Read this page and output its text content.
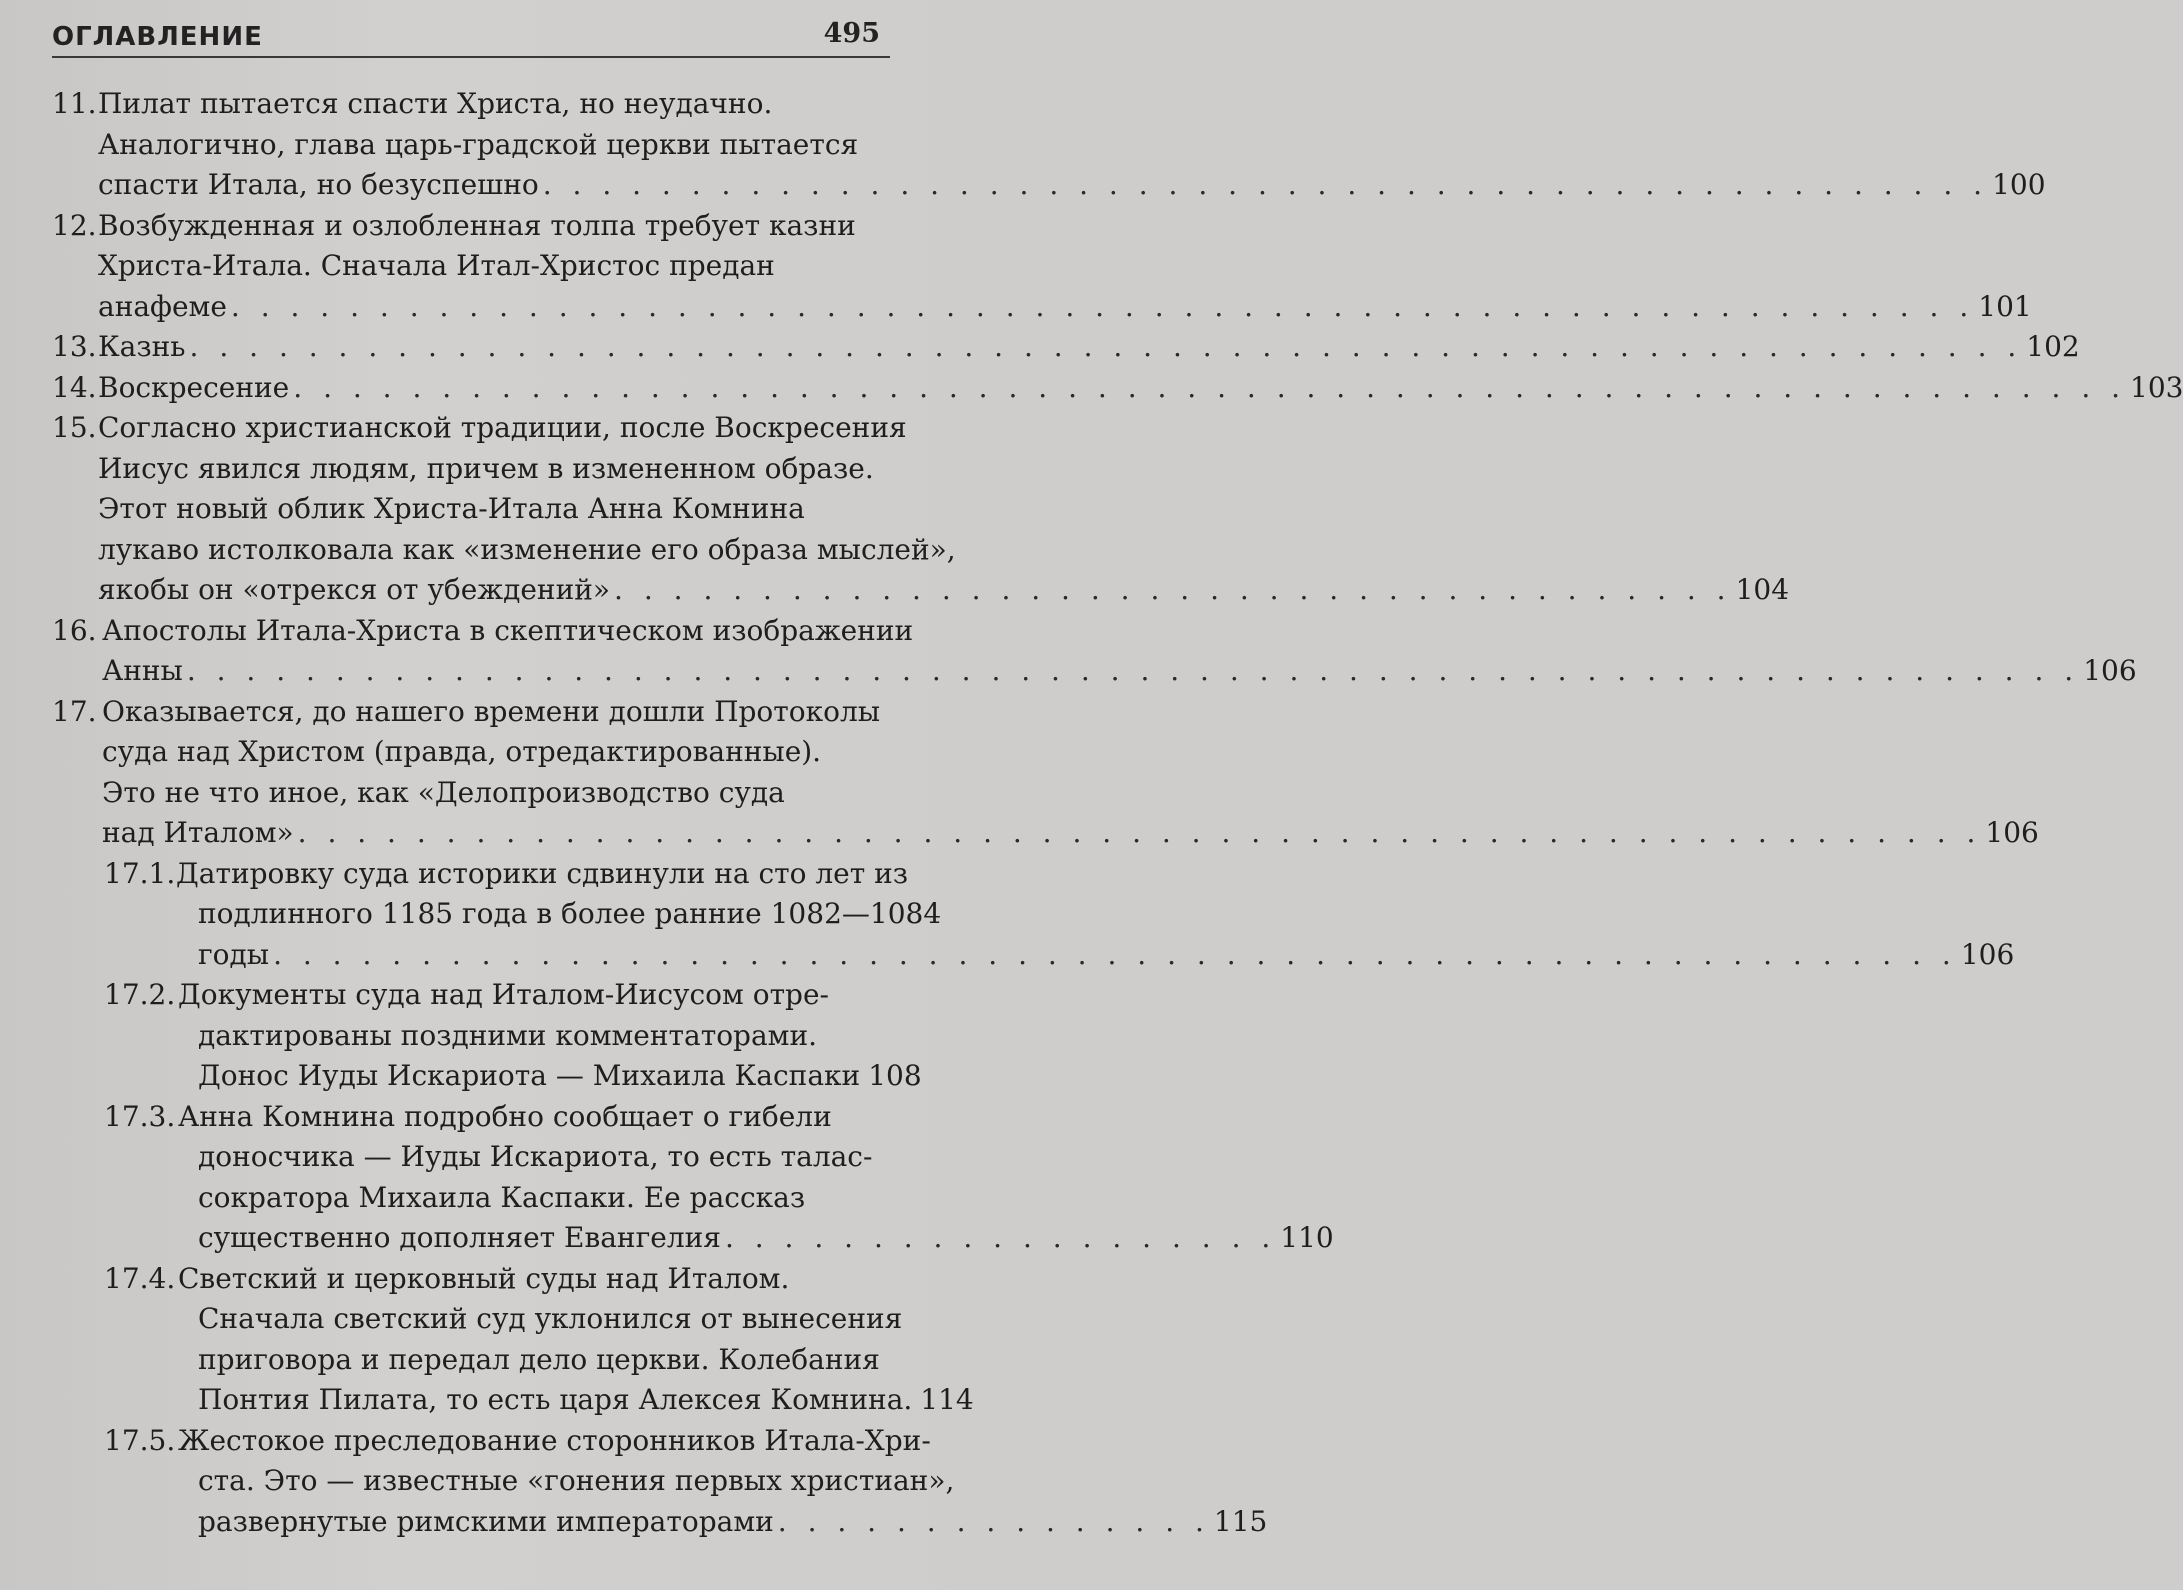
ОГЛАВЛЕНИЕ	495
11. Пилат пытается спасти Христа, но неудачно.
Аналогично, глава царь-градской церкви пытается
спасти Итала, но безуспешно . . . . . . . . . . . . . . . . . . . . . . . . . . . . . . . . . . . . . . . . . . . . . . . . . 100
12. Возбужденная и озлобленная толпа требует казни
Христа-Итала. Сначала Итал-Христос предан
анафеме . . . . . . . . . . . . . . . . . . . . . . . . . . . . . . . . . . . . . . . . . . . . . . . . . . . . . . . . . . . 101
13. Казнь . . . . . . . . . . . . . . . . . . . . . . . . . . . . . . . . . . . . . . . . . . . . . . . . . . . . . . . . . . . . . . 102
14. Воскресение . . . . . . . . . . . . . . . . . . . . . . . . . . . . . . . . . . . . . . . . . . . . . . . . . . . . . . . . . . . . . . 103
15. Согласно христианской традиции, после Воскресения
Иисус явился людям, причем в измененном образе.
Этот новый облик Христа-Итала Анна Комнина
лукаво истолковала как «изменение его образа мыслей»,
якобы он «отрекся от убеждений» . . . . . . . . . . . . . . . . . . . . . . . . . . . . . . . . . . . . . . 104
16. Апостолы Итала-Христа в скептическом изображении
Анны . . . . . . . . . . . . . . . . . . . . . . . . . . . . . . . . . . . . . . . . . . . . . . . . . . . . . . . . . . . . . . . . 106
17. Оказывается, до нашего времени дошли Протоколы
суда над Христом (правда, отредактированные).
Это не что иное, как «Делопроизводство суда
над Италом» . . . . . . . . . . . . . . . . . . . . . . . . . . . . . . . . . . . . . . . . . . . . . . . . . . . . . . . . . 106
17.1. Датировку суда историки сдвинули на сто лет из
подлинного 1185 года в более ранние 1082—1084
годы . . . . . . . . . . . . . . . . . . . . . . . . . . . . . . . . . . . . . . . . . . . . . . . . . . . . . . . . . 106
17.2. Документы суда над Италом-Иисусом отре-
дактированы поздними комментаторами.
Донос Иуды Искариота — Михаила Каспаки 108
17.3. Анна Комнина подробно сообщает о гибели
доносчика — Иуды Искариота, то есть талас-
сократора Михаила Каспаки. Ее рассказ
существенно дополняет Евангелия . . . . . . . . . . . . . . . . . . . 110
17.4. Светский и церковный суды над Италом.
Сначала светский суд уклонился от вынесения
приговора и передал дело церкви. Колебания
Понтия Пилата, то есть царя Алексея Комнина. 114
17.5. Жестокое преследование сторонников Итала-Хри-
ста. Это — известные «гонения первых христиан»,
развернутые римскими императорами . . . . . . . . . . . . . . . 115
